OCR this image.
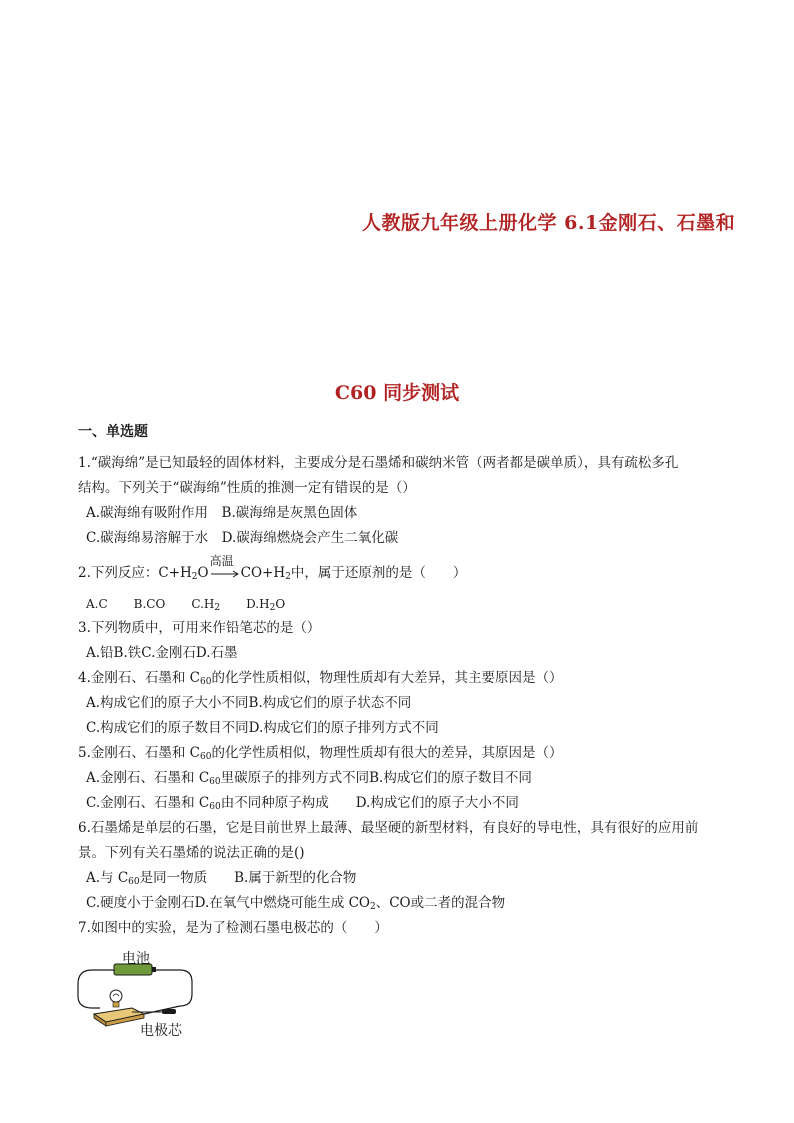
人教版九年级上册化学 6.1金刚石、石墨和
C60 同步测试
一、单选题
1.“碳海绵”是已知最轻的固体材料，主要成分是石墨烯和碳纳米管（两者都是碳单质），具有疏松多孔
结构。下列关于“碳海绵”性质的推测一定有错误的是（）
A.碳海绵有吸附作用　B.碳海绵是灰黑色固体
C.碳海绵易溶解于水　D.碳海绵燃烧会产生二氧化碳
2.下列反应：$C+H_2O$
高温
$CO+H_2$中，属于还原剂的是（　　）
A.C B.CO $C.H_2$ $D.H_2O$
3.下列物质中，可用来作铅笔芯的是（）
A.铅B.铁C.金刚石D.石墨
4.金刚石、石墨和 $C_{60}$的化学性质相似，物理性质却有大差异，其主要原因是（）
A.构成它们的原子大小不同B.构成它们的原子状态不同
C.构成它们的原子数目不同D.构成它们的原子排列方式不同
5.金刚石、石墨和 $C_{60}$的化学性质相似，物理性质却有很大的差异，其原因是（）
A.金刚石、石墨和 $C_{60}$里碳原子的排列方式不同B.构成它们的原子数目不同
C.金刚石、石墨和 $C_{60}$由不同种原子构成　　D.构成它们的原子大小不同
6.石墨烯是单层的石墨，它是目前世界上最薄、最坚硬的新型材料，有良好的导电性，具有很好的应用前
景。下列有关石墨烯的说法正确的是()
A.与 $C_{60}$是同一物质　　B.属于新型的化合物
C.硬度小于金刚石D.在氧气中燃烧可能生成 $CO_2$、CO或二者的混合物
7.如图中的实验，是为了检测石墨电极芯的（　　）
电池
电极芯
